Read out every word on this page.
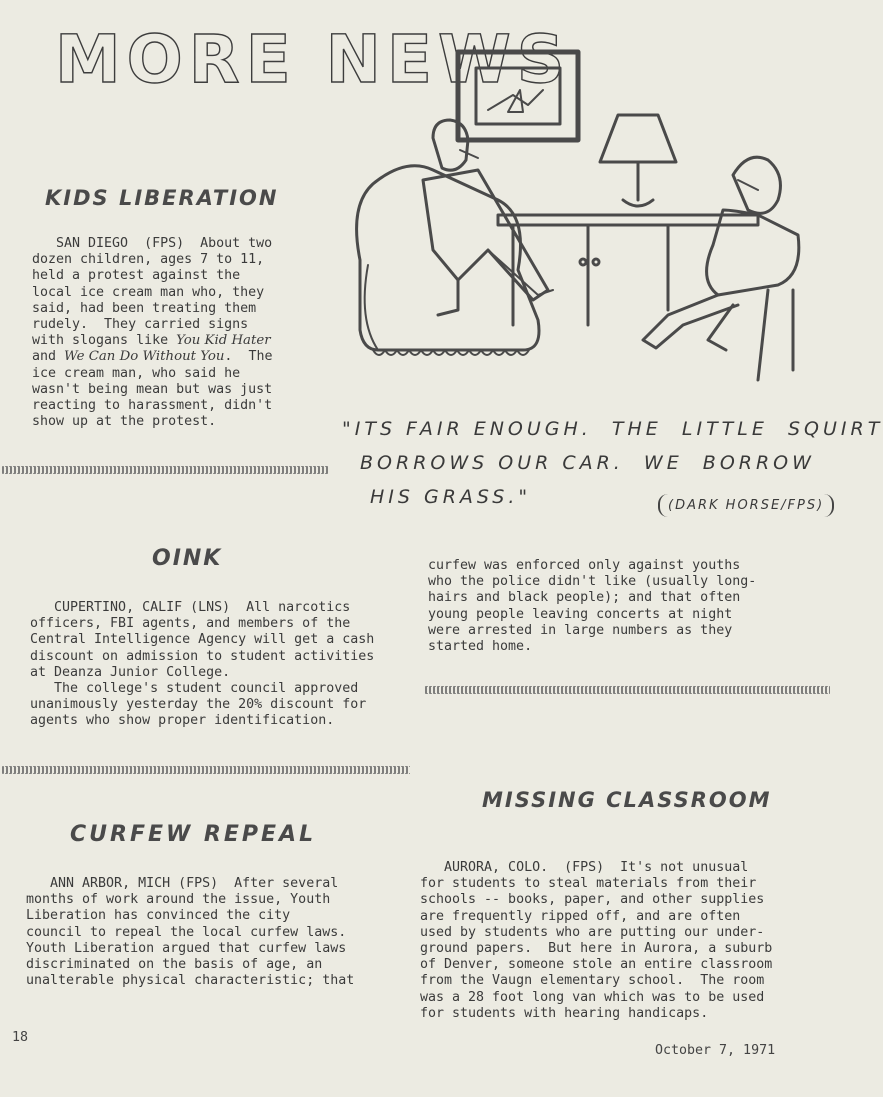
MORE NEWS
KIDS LIBERATION
SAN DIEGO  (FPS)  About two
dozen children, ages 7 to 11,
held a protest against the
local ice cream man who, they
said, had been treating them
rudely.  They carried signs
with slogans like You Kid Hater
and We Can Do Without You.  The
ice cream man, who said he
wasn't being mean but was just
reacting to harassment, didn't
show up at the protest.	"ITS FAIR ENOUGH.  THE  LITTLE  SQUIRT
BORROWS OUR CAR.  WE  BORROW
HIS GRASS."	(DARK HORSE/FPS)
OINK
CUPERTINO, CALIF (LNS)  All narcotics
officers, FBI agents, and members of the
Central Intelligence Agency will get a cash
discount on admission to student activities
at Deanza Junior College.
The college's student council approved
unanimously yesterday the 20% discount for
agents who show proper identification.
curfew was enforced only against youths
who the police didn't like (usually long-
hairs and black people); and that often
young people leaving concerts at night
were arrested in large numbers as they
started home.
MISSING CLASSROOM
AURORA, COLO.  (FPS)  It's not unusual
for students to steal materials from their
schools -- books, paper, and other supplies
are frequently ripped off, and are often
used by students who are putting our under-
ground papers.  But here in Aurora, a suburb
of Denver, someone stole an entire classroom
from the Vaugn elementary school.  The room
was a 28 foot long van which was to be used
for students with hearing handicaps.
CURFEW REPEAL
ANN ARBOR, MICH (FPS)  After several
months of work around the issue, Youth
Liberation has convinced the city
council to repeal the local curfew laws.
Youth Liberation argued that curfew laws
discriminated on the basis of age, an
unalterable physical characteristic; that
18
October 7, 1971
